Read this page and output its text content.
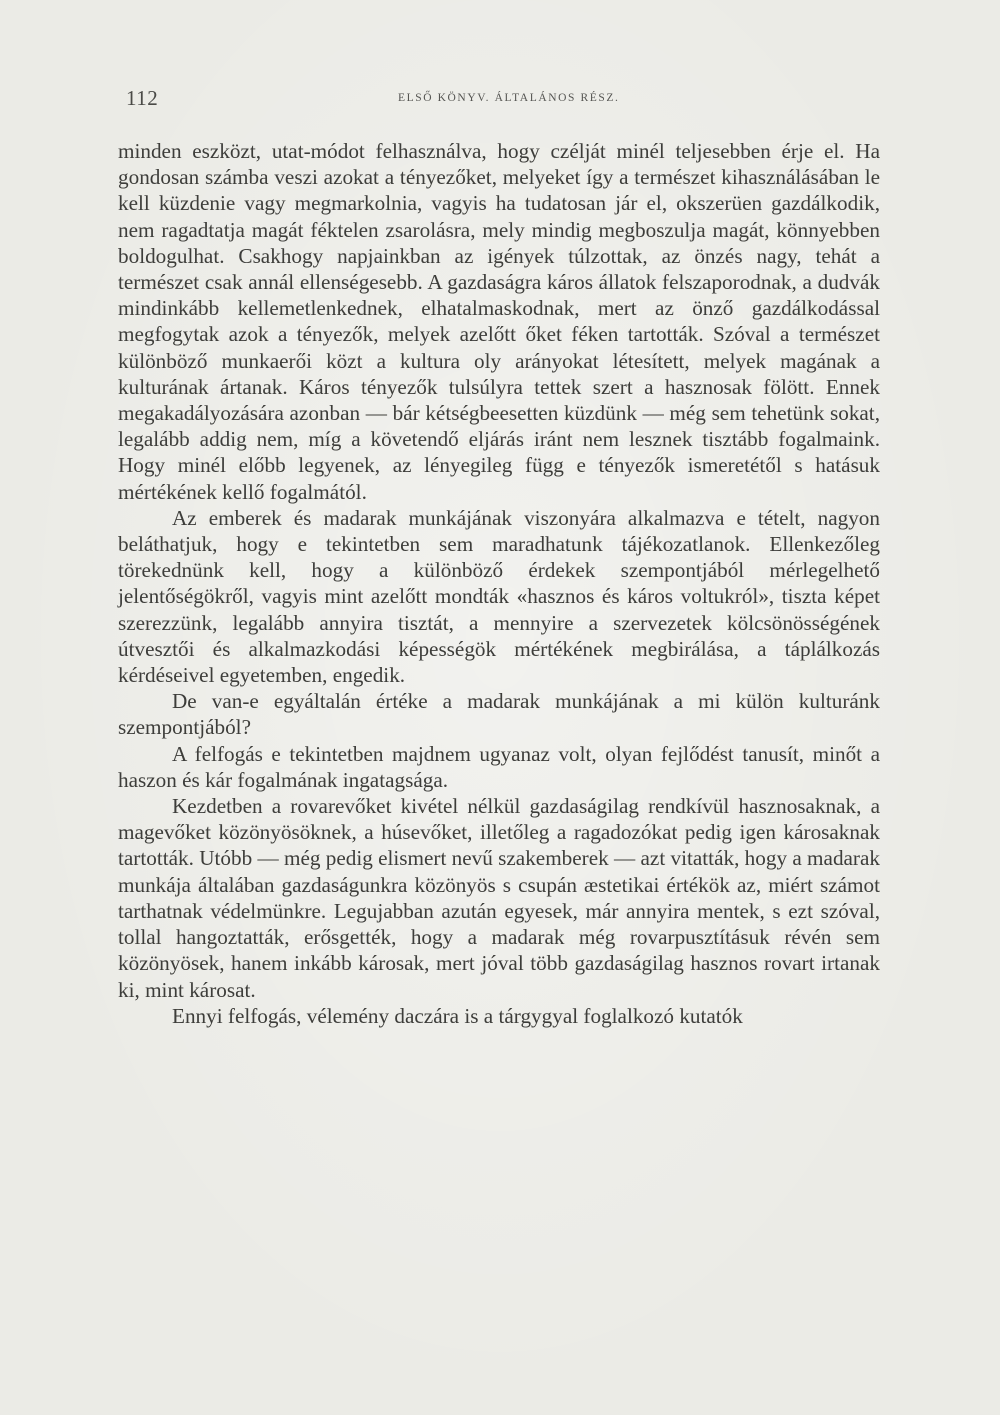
112	ELSŐ KÖNYV. ÁLTALÁNOS RÉSZ.

minden eszközt, utat-módot felhasználva, hogy czélját minél teljesebben érje el. Ha gondosan számba veszi azokat a tényezőket, melyeket így a természet kihasználásában le kell küzdenie vagy megmarkolnia, vagyis ha tudatosan jár el, okszerüen gazdálkodik, nem ragadtatja magát féktelen zsarolásra, mely mindig megboszulja magát, könnyebben boldogulhat. Csakhogy napjainkban az igények túlzottak, az önzés nagy, tehát a természet csak annál ellenségesebb. A gazdaságra káros állatok felszaporodnak, a dudvák mindinkább kellemetlenkednek, elhatalmaskodnak, mert az önző gazdálkodással megfogytak azok a tényezők, melyek azelőtt őket féken tartották. Szóval a természet különböző munkaerői közt a kultura oly arányokat létesített, melyek magának a kulturának ártanak. Káros tényezők tulsúlyra tettek szert a hasznosak fölött. Ennek megakadályozására azonban — bár kétségbeesetten küzdünk — még sem tehetünk sokat, legalább addig nem, míg a követendő eljárás iránt nem lesznek tisztább fogalmaink. Hogy minél előbb legyenek, az lényegileg függ e tényezők ismeretétől s hatásuk mértékének kellő fogalmától.

Az emberek és madarak munkájának viszonyára alkalmazva e tételt, nagyon beláthatjuk, hogy e tekintetben sem maradhatunk tájékozatlanok. Ellenkezőleg törekednünk kell, hogy a különböző érdekek szempontjából mérlegelhető jelentőségökről, vagyis mint azelőtt mondták «hasznos és káros voltukról», tiszta képet szerezzünk, legalább annyira tisztát, a mennyire a szervezetek kölcsönösségének útvesztői és alkalmazkodási képességök mértékének megbirálása, a táplálkozás kérdéseivel egyetemben, engedik.

De van-e egyáltalán értéke a madarak munkájának a mi külön kulturánk szempontjából?

A felfogás e tekintetben majdnem ugyanaz volt, olyan fejlődést tanusít, minőt a haszon és kár fogalmának ingatagsága.

Kezdetben a rovarevőket kivétel nélkül gazdaságilag rendkívül hasznosaknak, a magevőket közönyösöknek, a húsevőket, illetőleg a ragadozókat pedig igen károsaknak tartották. Utóbb — még pedig elismert nevű szakemberek — azt vitatták, hogy a madarak munkája általában gazdaságunkra közönyös s csupán æstetikai értékök az, miért számot tarthatnak védelmünkre. Legujabban azután egyesek, már annyira mentek, s ezt szóval, tollal hangoztatták, erősgették, hogy a madarak még rovarpusztításuk révén sem közönyösek, hanem inkább károsak, mert jóval több gazdaságilag hasznos rovart irtanak ki, mint károsat.

Ennyi felfogás, vélemény daczára is a tárgygyal foglalkozó kutatók
